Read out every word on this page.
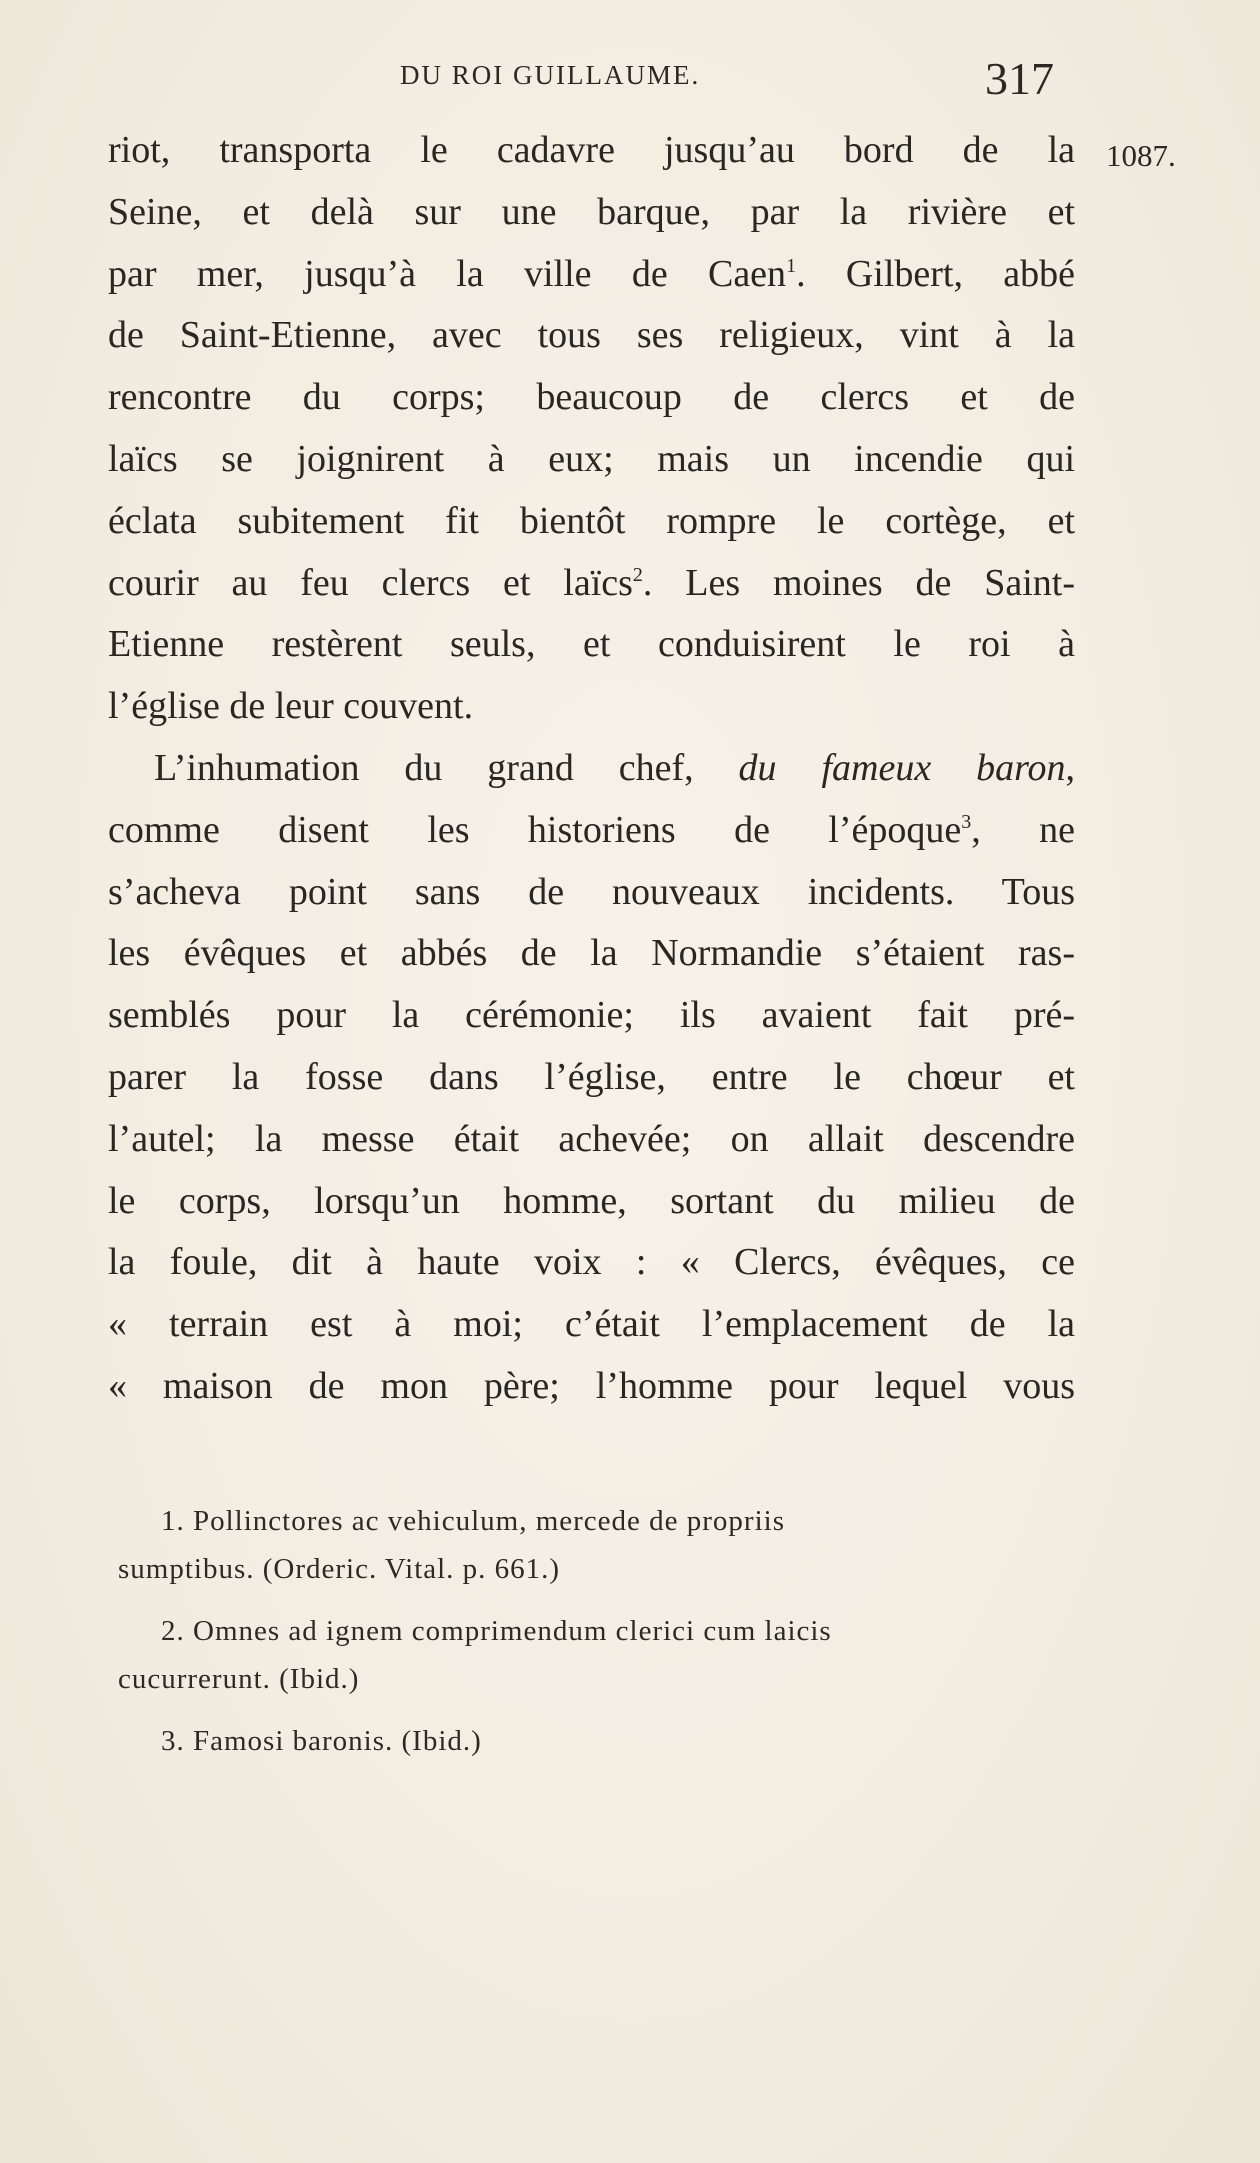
DU ROI GUILLAUME.	317
1087.

riot, transporta le cadavre jusqu’au bord de la

Seine, et delà sur une barque, par la rivière et

par mer, jusqu’à la ville de Caen$^1$. Gilbert, abbé

de Saint-Etienne, avec tous ses religieux, vint à la

rencontre du corps; beaucoup de clercs et de

laïcs se joignirent à eux; mais un incendie qui

éclata subitement fit bientôt rompre le cortège, et

courir au feu clercs et laïcs$^2$. Les moines de Saint-

Etienne restèrent seuls, et conduisirent le roi à

l’église de leur couvent.

L’inhumation du grand chef, du fameux baron,

comme disent les historiens de l’époque$^3$, ne

s’acheva point sans de nouveaux incidents. Tous

les évêques et abbés de la Normandie s’étaient ras-

semblés pour la cérémonie; ils avaient fait pré-

parer la fosse dans l’église, entre le chœur et

l’autel; la messe était achevée; on allait descendre

le corps, lorsqu’un homme, sortant du milieu de

la foule, dit à haute voix : « Clercs, évêques, ce

« terrain est à moi; c’était l’emplacement de la

« maison de mon père; l’homme pour lequel vous

1. Pollinctores ac vehiculum, mercede de propriis
sumptibus. (Orderic. Vital. p. 661.)
2. Omnes ad ignem comprimendum clerici cum laicis
cucurrerunt. (Ibid.)
3. Famosi baronis. (Ibid.)
